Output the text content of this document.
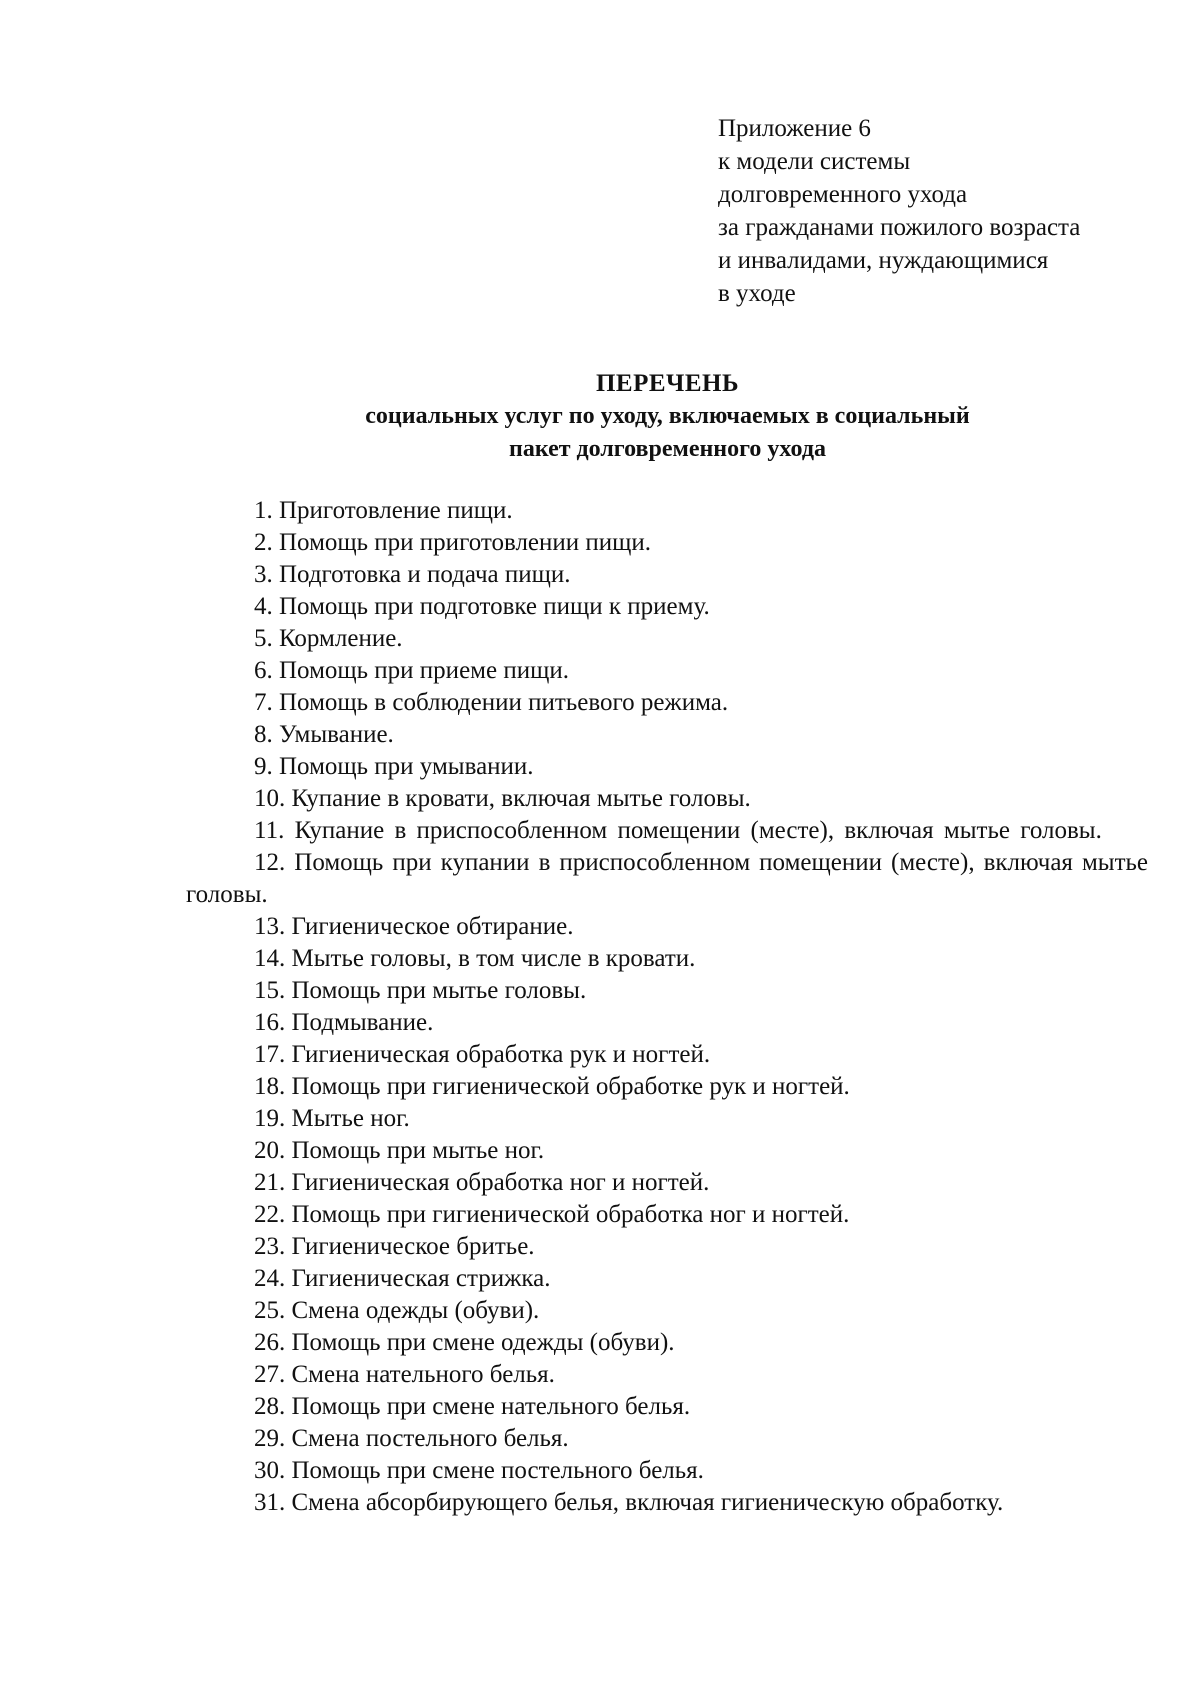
Приложение 6
к модели системы
долговременного ухода
за гражданами пожилого возраста
и инвалидами, нуждающимися
в уходе
ПЕРЕЧЕНЬ
социальных услуг по уходу, включаемых в социальный
пакет долговременного ухода
1. Приготовление пищи.
2. Помощь при приготовлении пищи.
3. Подготовка и подача пищи.
4. Помощь при подготовке пищи к приему.
5. Кормление.
6. Помощь при приеме пищи.
7. Помощь в соблюдении питьевого режима.
8. Умывание.
9. Помощь при умывании.
10. Купание в кровати, включая мытье головы.
11. Купание в приспособленном помещении (месте), включая мытье головы.
12. Помощь при купании в приспособленном помещении (месте), включая мытье головы.
13. Гигиеническое обтирание.
14. Мытье головы, в том числе в кровати.
15. Помощь при мытье головы.
16. Подмывание.
17. Гигиеническая обработка рук и ногтей.
18. Помощь при гигиенической обработке рук и ногтей.
19. Мытье ног.
20. Помощь при мытье ног.
21. Гигиеническая обработка ног и ногтей.
22. Помощь при гигиенической обработка ног и ногтей.
23. Гигиеническое бритье.
24. Гигиеническая стрижка.
25. Смена одежды (обуви).
26. Помощь при смене одежды (обуви).
27. Смена нательного белья.
28. Помощь при смене нательного белья.
29. Смена постельного белья.
30. Помощь при смене постельного белья.
31. Смена абсорбирующего белья, включая гигиеническую обработку.
